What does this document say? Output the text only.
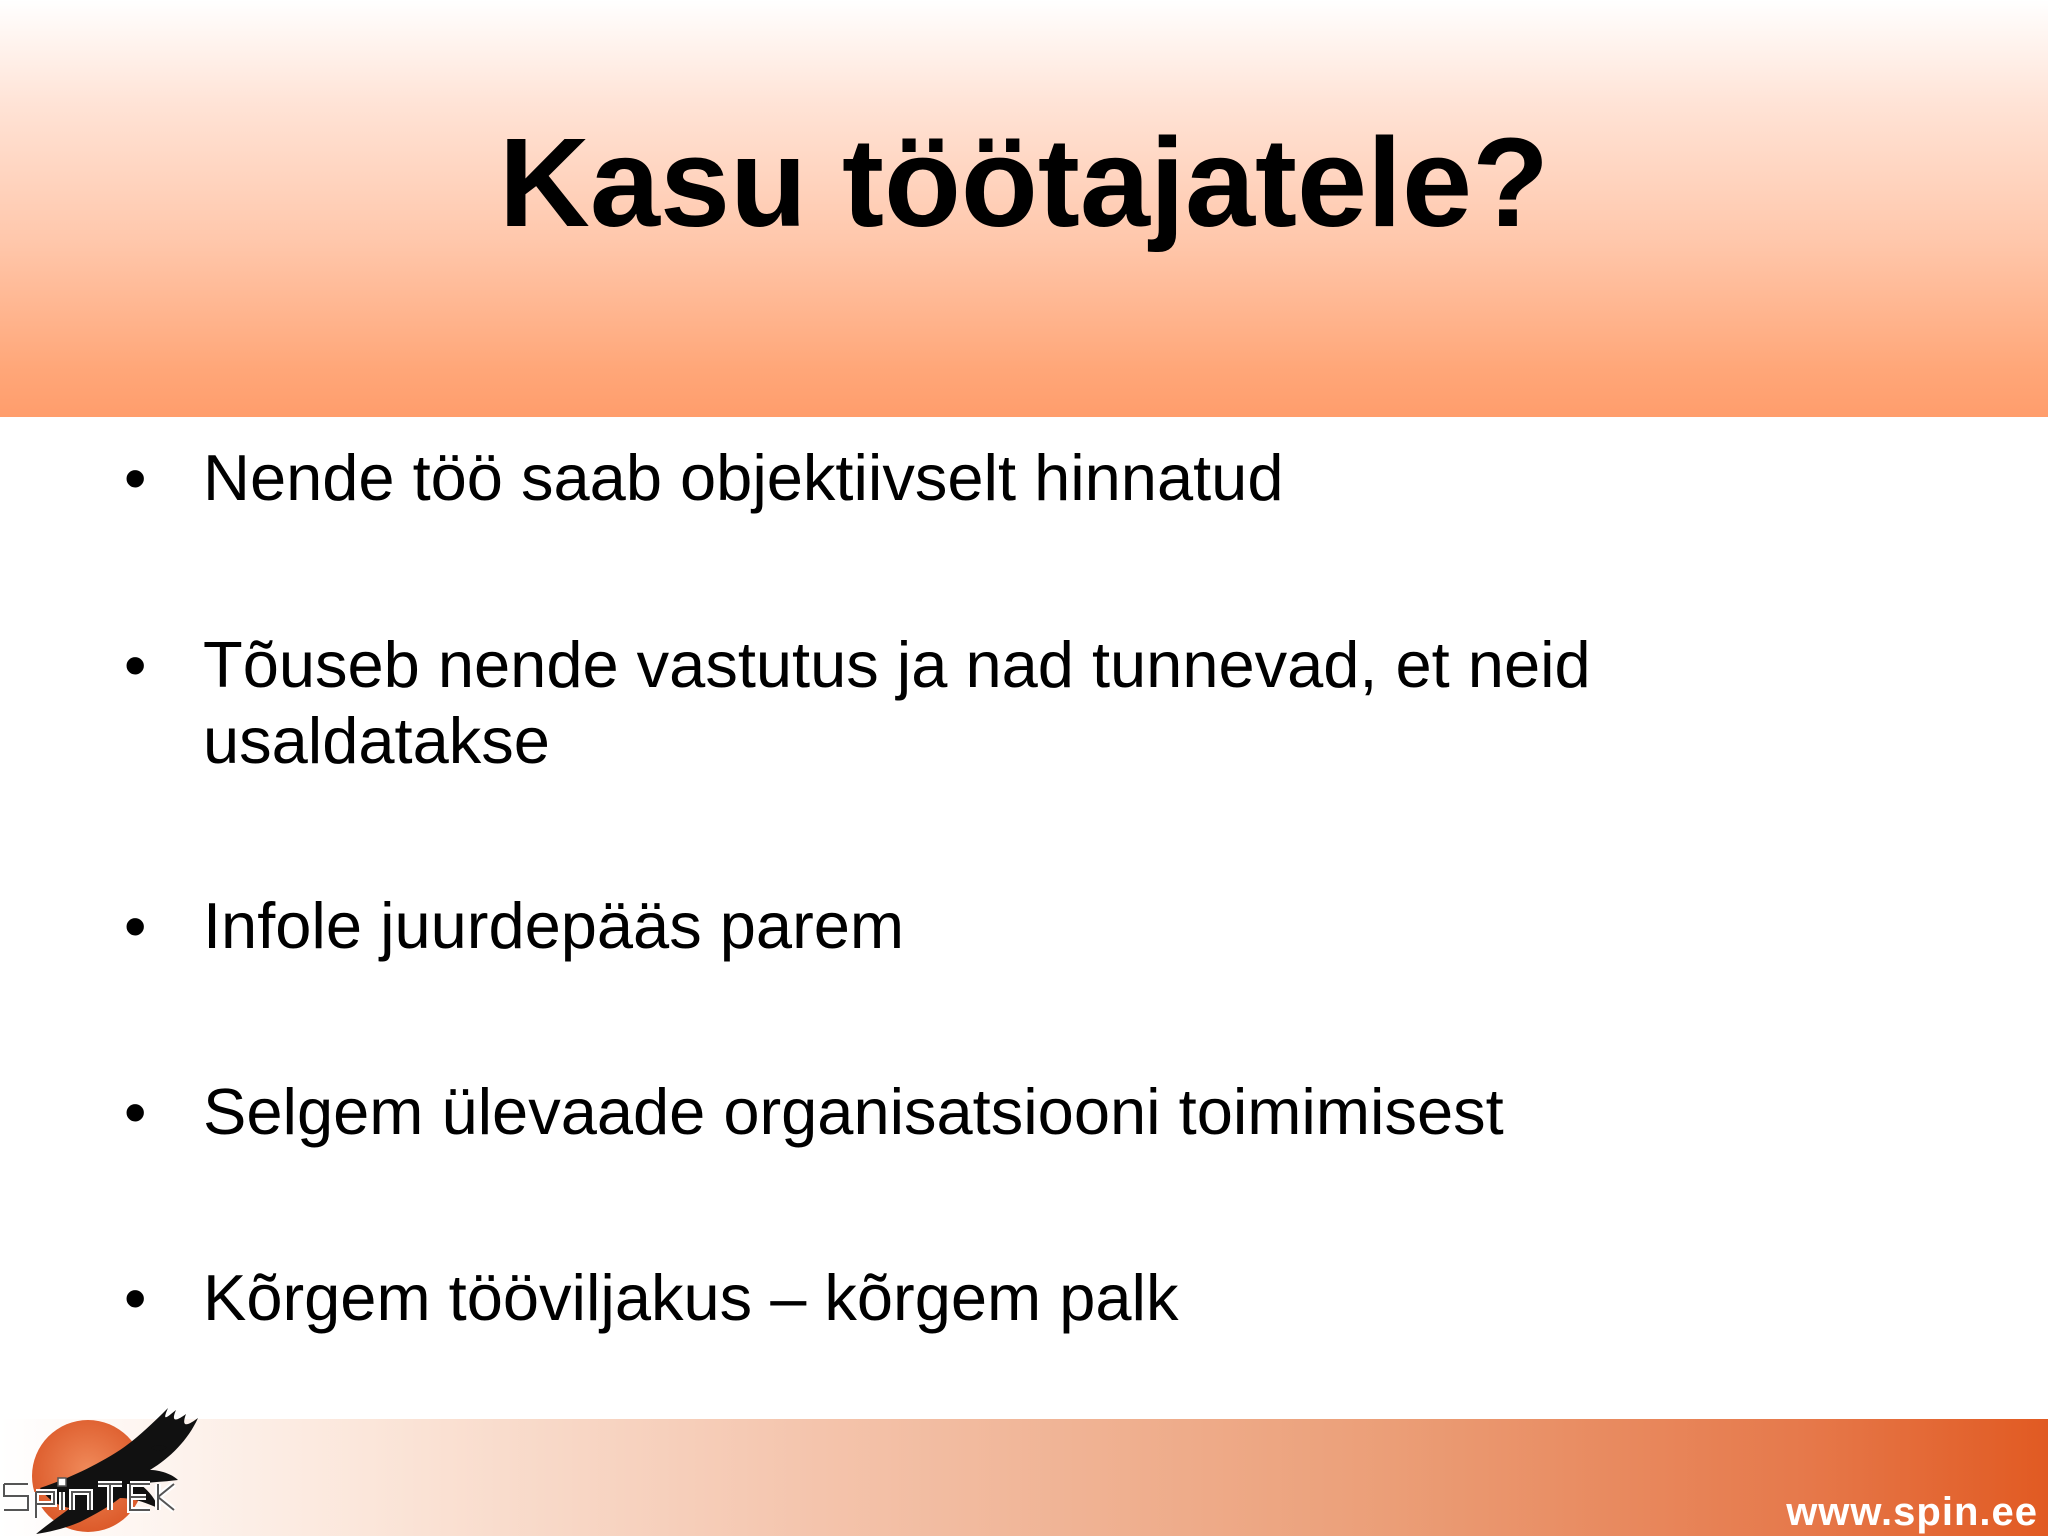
Kasu töötajatele?
• Nende töö saab objektiivselt hinnatud
• Tõuseb nende vastutus ja nad tunnevad, et neid usaldatakse
• Infole juurdepääs parem
• Selgem ülevaade organisatsiooni toimimisest
• Kõrgem tööviljakus – kõrgem palk
www.spin.ee
